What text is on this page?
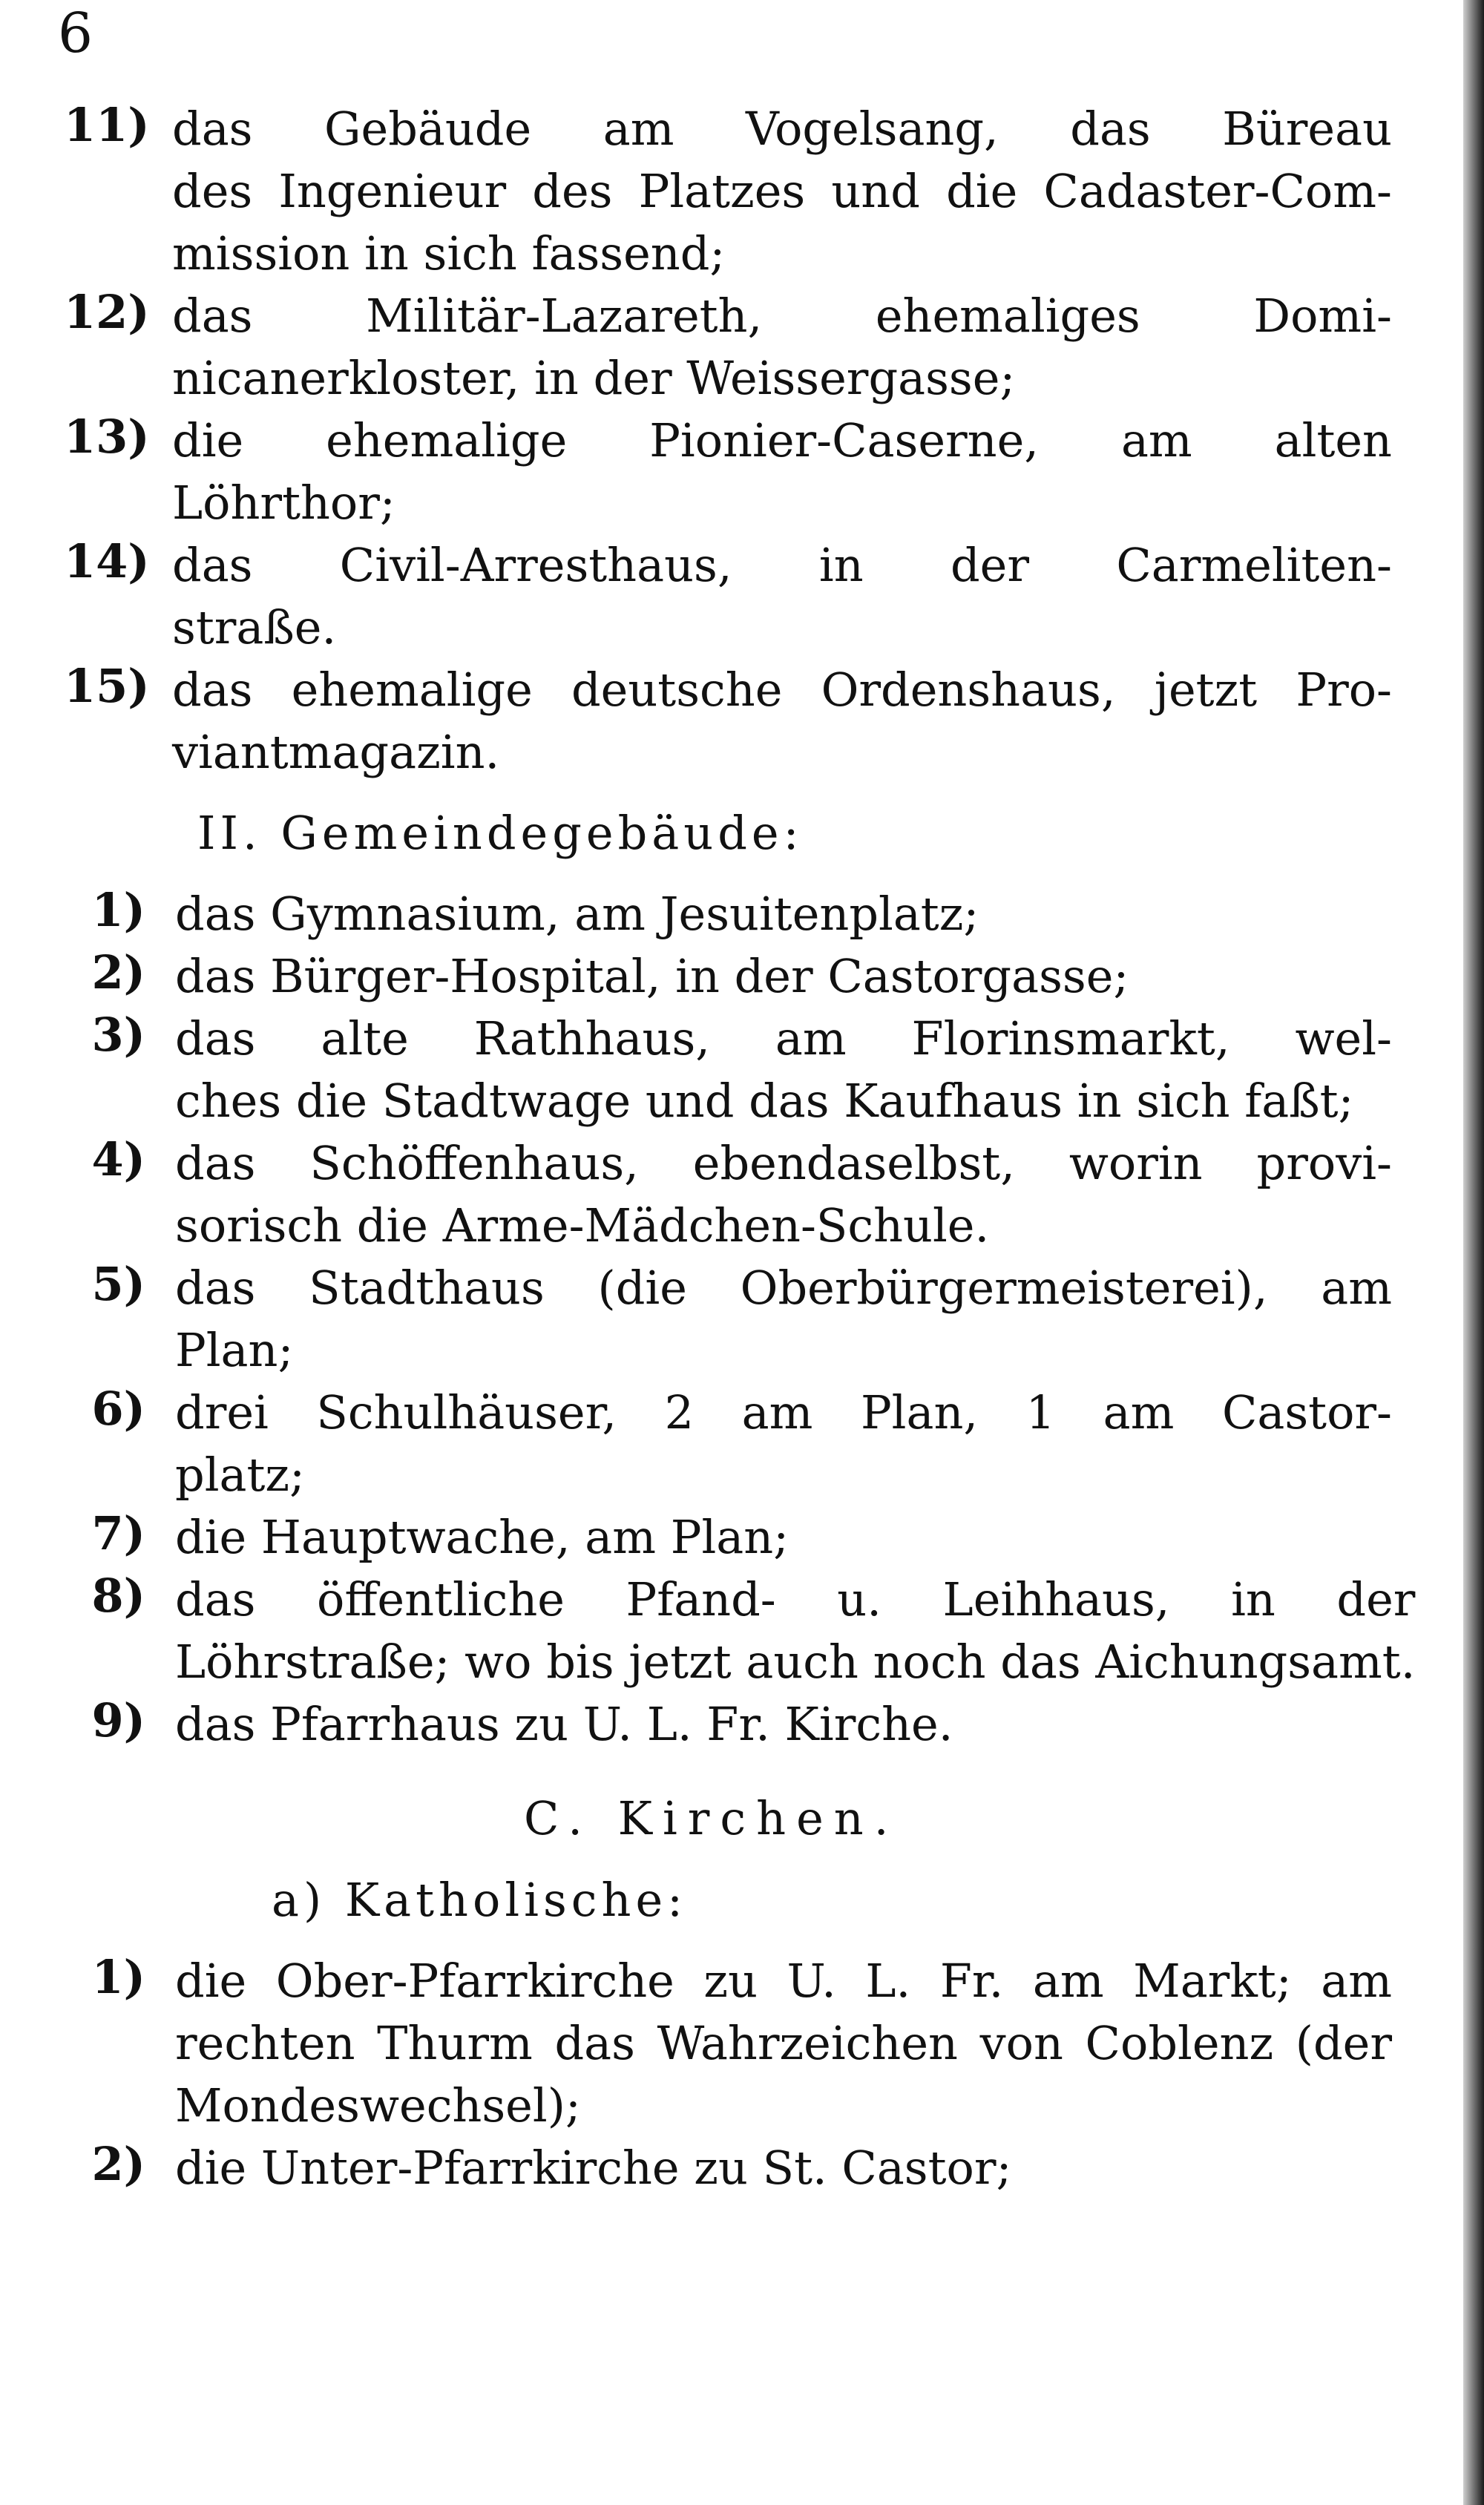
6
11) das Gebäude am Vogelsang, das Büreau
des Ingenieur des Platzes und die Cadaster-Com-
mission in sich fassend;
12) das Militär-Lazareth, ehemaliges Domi-
nicanerkloster, in der Weissergasse;
13) die ehemalige Pionier-Caserne, am alten
Löhrthor;
14) das Civil-Arresthaus, in der Carmeliten-
straße.
15) das ehemalige deutsche Ordenshaus, jetzt Pro-
viantmagazin.
II. Gemeindegebäude:
1) das Gymnasium, am Jesuitenplatz;
2) das Bürger-Hospital, in der Castorgasse;
3) das alte Rathhaus, am Florinsmarkt, wel-
ches die Stadtwage und das Kaufhaus in sich faßt;
4) das Schöffenhaus, ebendaselbst, worin provi-
sorisch die Arme-Mädchen-Schule.
5) das Stadthaus (die Oberbürgermeisterei), am
Plan;
6) drei Schulhäuser, 2 am Plan, 1 am Castor-
platz;
7) die Hauptwache, am Plan;
8) das öffentliche Pfand- u. Leihhaus, in der
Löhrstraße; wo bis jetzt auch noch das Aichungsamt.
9) das Pfarrhaus zu U. L. Fr. Kirche.
C. Kirchen.
a) Katholische:
1) die Ober-Pfarrkirche zu U. L. Fr. am Markt; am
rechten Thurm das Wahrzeichen von Coblenz (der
Mondeswechsel);
2) die Unter-Pfarrkirche zu St. Castor;
